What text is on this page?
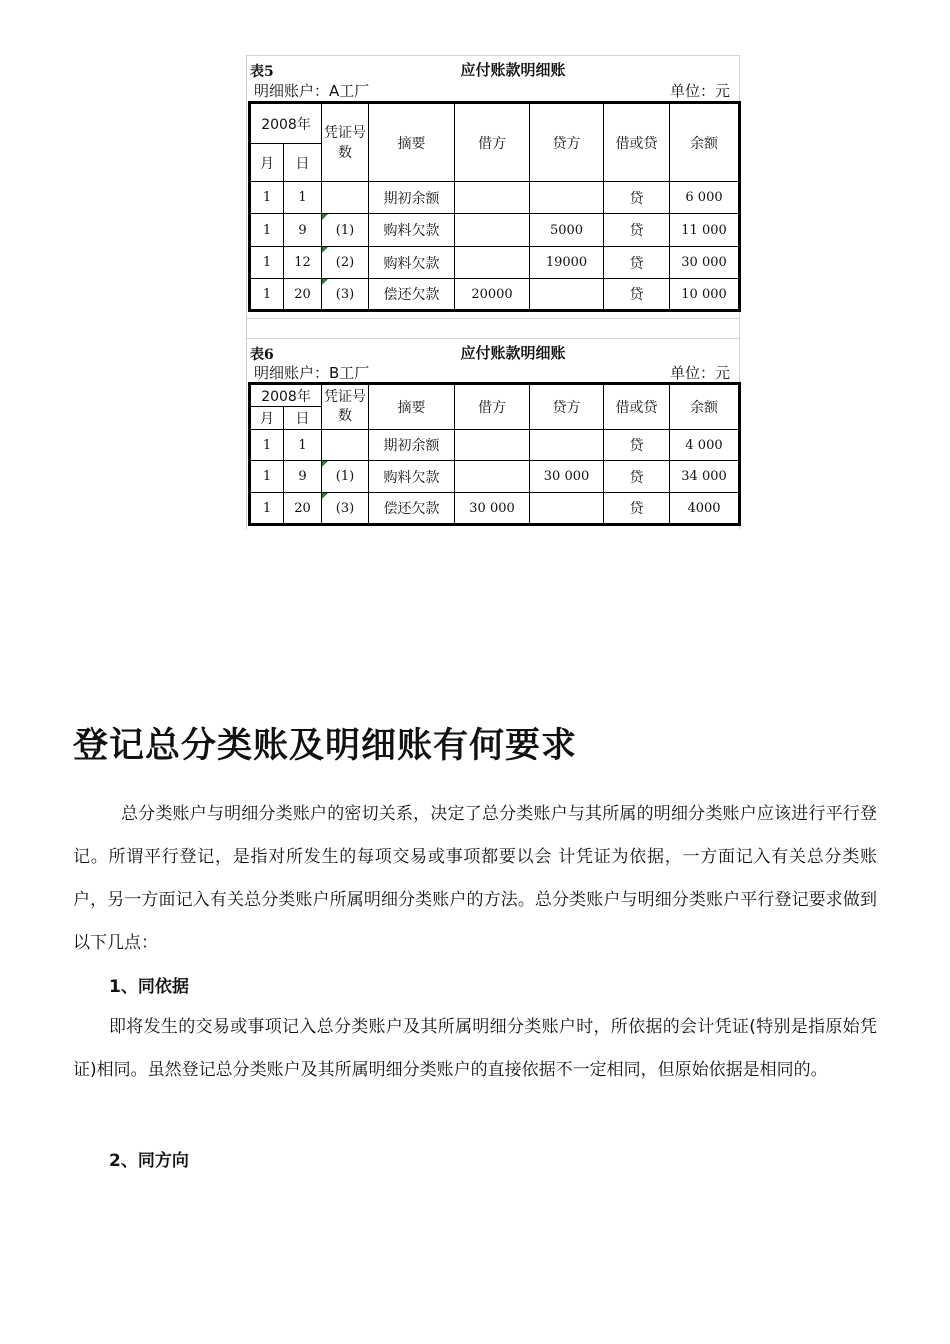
表5	应付账款明细账
明细账户：A工厂	单位：元
2008年		凭证号数	摘要	借方	贷方	借或贷	余额
月	日						
1	1		期初余额			贷	6 000
1	9	(1)	购料欠款		5000	贷	11 000
1	12	(2)	购料欠款		19000	贷	30 000
1	20	(3)	偿还欠款	20000		贷	10 000
表6	应付账款明细账
明细账户：B工厂	单位：元
2008年		凭证号数	摘要	借方	贷方	借或贷	余额
月	日						
1	1		期初余额			贷	4 000
1	9	(1)	购料欠款		30 000	贷	34 000
1	20	(3)	偿还欠款	30 000		贷	4000
登记总分类账及明细账有何要求

总分类账户与明细分类账户的密切关系，决定了总分类账户与其所属的明细分类账户应该进行平行登记。所谓平行登记，是指对所发生的每项交易或事项都要以会 计凭证为依据，一方面记入有关总分类账户，另一方面记入有关总分类账户所属明细分类账户的方法。总分类账户与明细分类账户平行登记要求做到以下几点：

1、同依据

即将发生的交易或事项记入总分类账户及其所属明细分类账户时，所依据的会计凭证(特别是指原始凭证)相同。虽然登记总分类账户及其所属明细分类账户的直接依据不一定相同，但原始依据是相同的。

2、同方向
